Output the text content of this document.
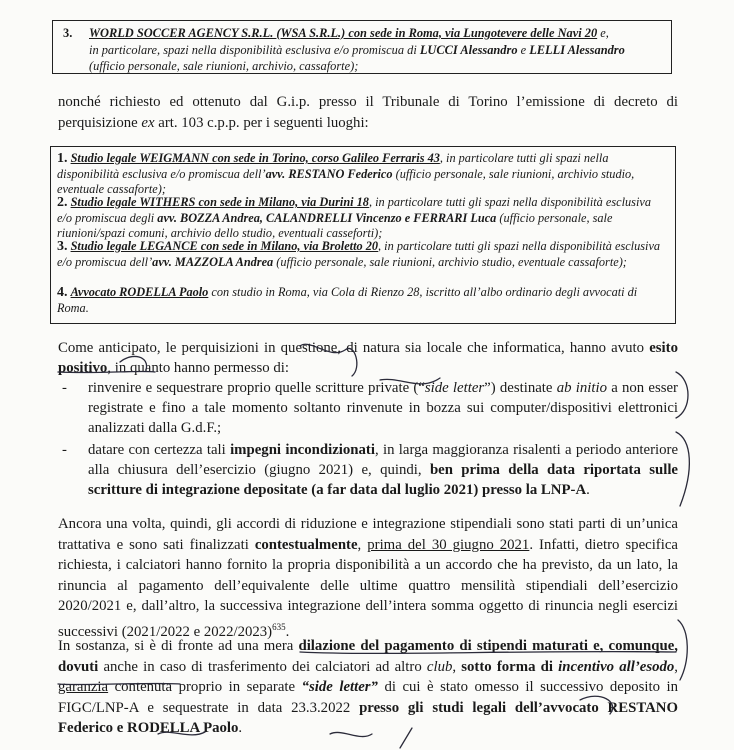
3. WORLD SOCCER AGENCY S.R.L. (WSA S.R.L.) con sede in Roma, via Lungotevere delle Navi 20 e,
in particolare, spazi nella disponibilità esclusiva e/o promiscua di LUCCI Alessandro e LELLI Alessandro
(ufficio personale, sale riunioni, archivio, cassaforte);
nonché richiesto ed ottenuto dal G.i.p. presso il Tribunale di Torino l’emissione di decreto di perquisizione ex art. 103 c.p.p. per i seguenti luoghi:
1. Studio legale WEIGMANN con sede in Torino, corso Galileo Ferraris 43, in particolare tutti gli spazi nella disponibilità esclusiva e/o promiscua dell’avv. RESTANO Federico (ufficio personale, sale riunioni, archivio studio, eventuale cassaforte);
2. Studio legale WITHERS con sede in Milano, via Durini 18, in particolare tutti gli spazi nella disponibilità esclusiva e/o promiscua degli avv. BOZZA Andrea, CALANDRELLI Vincenzo e FERRARI Luca (ufficio personale, sale riunioni/spazi comuni, archivio dello studio, eventuali casseforti);
3. Studio legale LEGANCE con sede in Milano, via Broletto 20, in particolare tutti gli spazi nella disponibilità esclusiva e/o promiscua dell’avv. MAZZOLA Andrea (ufficio personale, sale riunioni, archivio studio, eventuale cassaforte);
4. Avvocato RODELLA Paolo con studio in Roma, via Cola di Rienzo 28, iscritto all’albo ordinario degli avvocati di Roma.
Come anticipato, le perquisizioni in questione, di natura sia locale che informatica, hanno avuto esito positivo, in quanto hanno permesso di:
- rinvenire e sequestrare proprio quelle scritture private (“side letter”) destinate ab initio a non esser registrate e fino a tale momento soltanto rinvenute in bozza sui computer/dispositivi elettronici analizzati dalla G.d.F.;
- datare con certezza tali impegni incondizionati, in larga maggioranza risalenti a periodo anteriore alla chiusura dell’esercizio (giugno 2021) e, quindi, ben prima della data riportata sulle scritture di integrazione depositate (a far data dal luglio 2021) presso la LNP-A.
Ancora una volta, quindi, gli accordi di riduzione e integrazione stipendiali sono stati parti di un’unica trattativa e sono sati finalizzati contestualmente, prima del 30 giugno 2021. Infatti, dietro specifica richiesta, i calciatori hanno fornito la propria disponibilità a un accordo che ha previsto, da un lato, la rinuncia al pagamento dell’equivalente delle ultime quattro mensilità stipendiali dell’esercizio 2020/2021 e, dall’altro, la successiva integrazione dell’intera somma oggetto di rinuncia negli esercizi successivi (2021/2022 e 2022/2023)$^{635}$.
In sostanza, si è di fronte ad una mera dilazione del pagamento di stipendi maturati e, comunque, dovuti anche in caso di trasferimento dei calciatori ad altro club, sotto forma di incentivo all’esodo, garanzia contenuta proprio in separate “side letter” di cui è stato omesso il successivo deposito in FIGC/LNP-A e sequestrate in data 23.3.2022 presso gli studi legali dell’avvocato RESTANO Federico e RODELLA Paolo.
